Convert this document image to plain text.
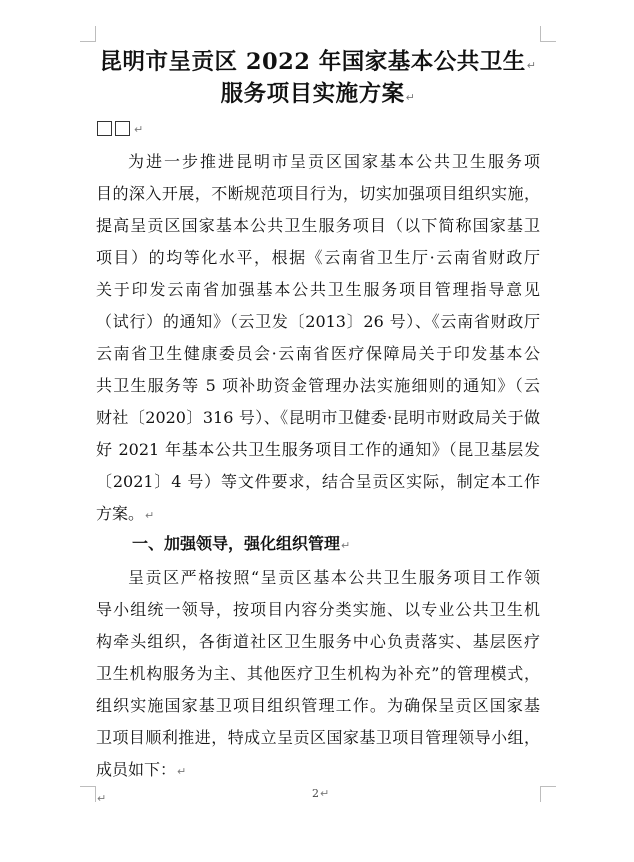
昆明市呈贡区 2022 年国家基本公共卫生↵
服务项目实施方案↵
↵
为进一步推进昆明市呈贡区国家基本公共卫生服务项
目的深入开展，不断规范项目行为，切实加强项目组织实施，
提高呈贡区国家基本公共卫生服务项目（以下简称国家基卫
项目）的均等化水平，根据《云南省卫生厅·云南省财政厅
关于印发云南省加强基本公共卫生服务项目管理指导意见
（试行）的通知》（云卫发〔2013〕26 号）、《云南省财政厅
云南省卫生健康委员会·云南省医疗保障局关于印发基本公
共卫生服务等 5 项补助资金管理办法实施细则的通知》（云
财社〔2020〕316 号）、《昆明市卫健委·昆明市财政局关于做
好 2021 年基本公共卫生服务项目工作的通知》（昆卫基层发
〔2021〕4 号）等文件要求，结合呈贡区实际，制定本工作
方案。↵
一、加强领导，强化组织管理↵
呈贡区严格按照“呈贡区基本公共卫生服务项目工作领
导小组统一领导，按项目内容分类实施、以专业公共卫生机
构牵头组织，各街道社区卫生服务中心负责落实、基层医疗
卫生机构服务为主、其他医疗卫生机构为补充”的管理模式，
组织实施国家基卫项目组织管理工作。为确保呈贡区国家基
卫项目顺利推进，特成立呈贡区国家基卫项目管理领导小组，
成员如下：↵
2↵
↵
